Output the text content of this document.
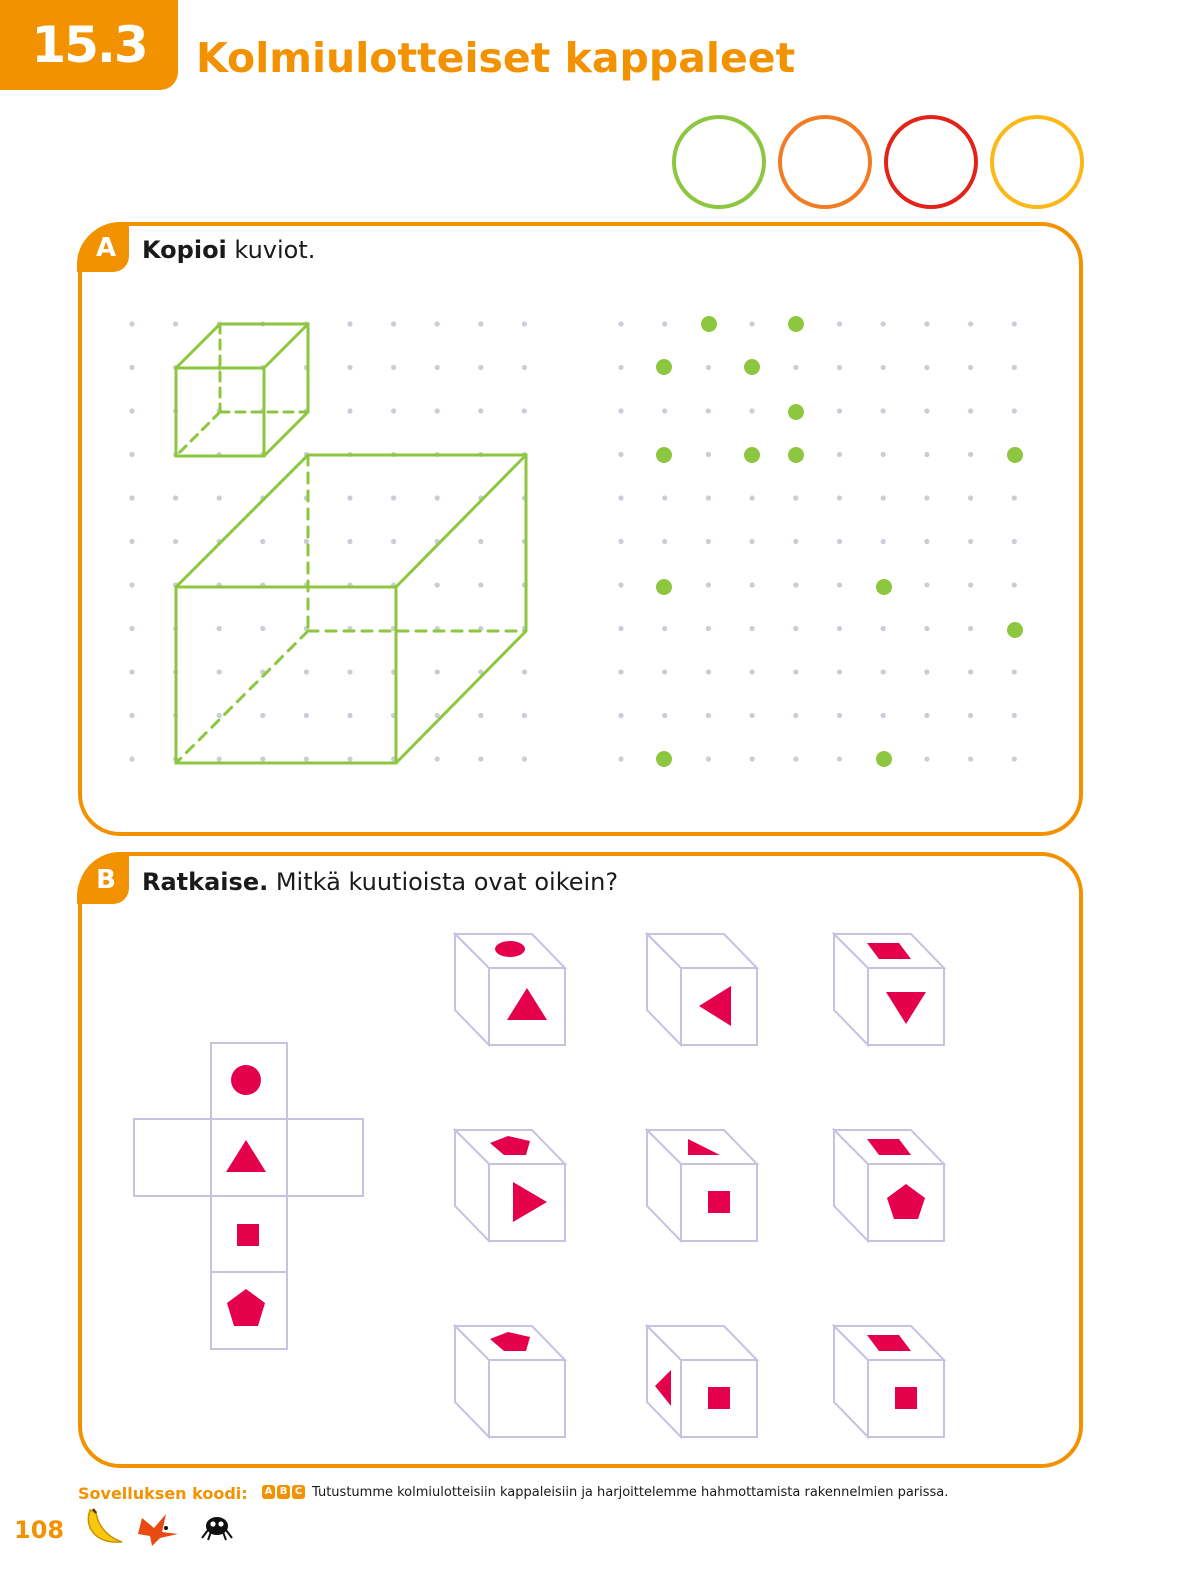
15.3 Kolmiulotteiset kappaleet
A Kopioi kuviot.
B Ratkaise. Mitkä kuutioista ovat oikein?
Sovelluksen koodi: A B C Tutustumme kolmiulotteisiin kappaleisiin ja harjoittelemme hahmottamista rakennelmien parissa.
108
